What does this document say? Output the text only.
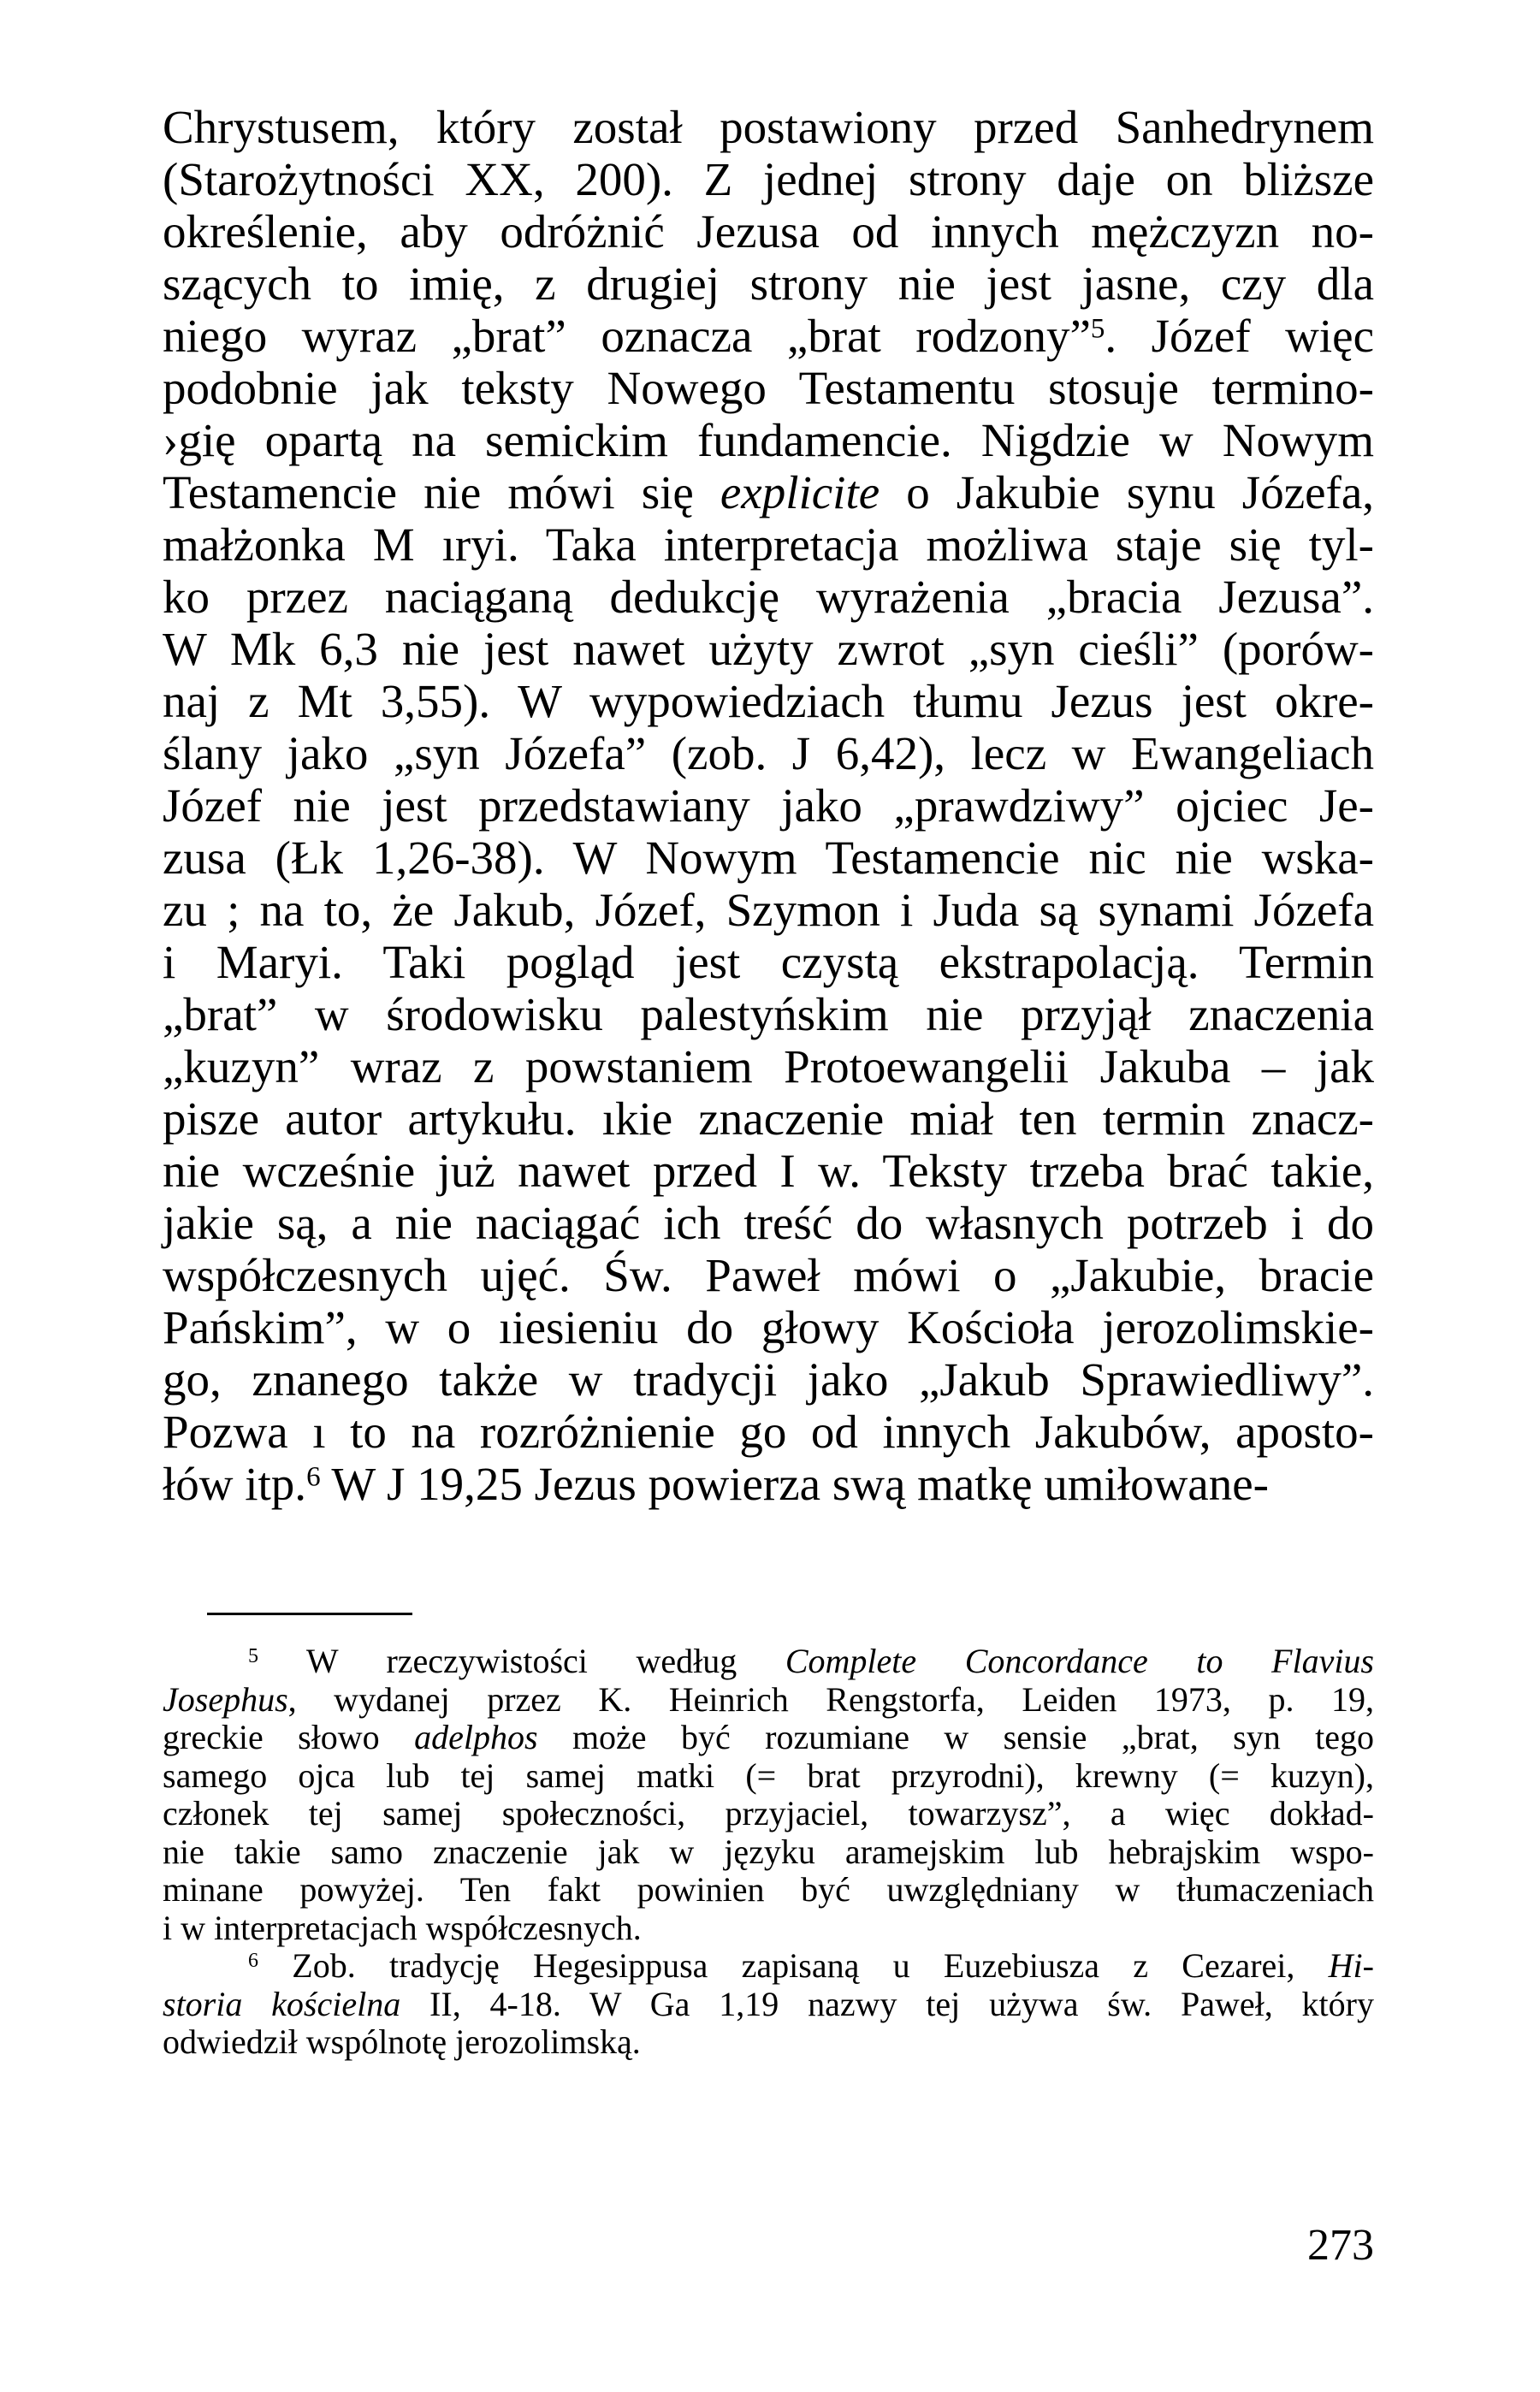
Chrystusem, który został postawiony przed Sanhedrynem
(Starożytności XX, 200). Z jednej strony daje on bliższe
określenie, aby odróżnić Jezusa od innych mężczyzn no-
szących to imię, z drugiej strony nie jest jasne, czy dla
niego wyraz „brat” oznacza „brat rodzony”$^5$. Józef więc
podobnie jak teksty Nowego Testamentu stosuje termino-
›gię opartą na semickim fundamencie. Nigdzie w Nowym
Testamencie nie mówi się explicite o Jakubie synu Józefa,
małżonka M ıryi. Taka interpretacja możliwa staje się tyl-
ko przez naciąganą dedukcję wyrażenia „bracia Jezusa”.
W Mk 6,3 nie jest nawet użyty zwrot „syn cieśli” (porów-
naj z Mt 3,55). W wypowiedziach tłumu Jezus jest okre-
ślany jako „syn Józefa” (zob. J 6,42), lecz w Ewangeliach
Józef nie jest przedstawiany jako „prawdziwy” ojciec Je-
zusa (Łk 1,26-38). W Nowym Testamencie nic nie wska-
zu ; na to, że Jakub, Józef, Szymon i Juda są synami Józefa
i Maryi. Taki pogląd jest czystą ekstrapolacją. Termin
„brat” w środowisku palestyńskim nie przyjął znaczenia
„kuzyn” wraz z powstaniem Protoewangelii Jakuba – jak
pisze autor artykułu. ıkie znaczenie miał ten termin znacz-
nie wcześnie już nawet przed I w. Teksty trzeba brać takie,
jakie są, a nie naciągać ich treść do własnych potrzeb i do
współczesnych ujęć. Św. Paweł mówi o „Jakubie, bracie
Pańskim”, w o ıiesieniu do głowy Kościoła jerozolimskie-
go, znanego także w tradycji jako „Jakub Sprawiedliwy”.
Pozwa ı to na rozróżnienie go od innych Jakubów, aposto-
łów itp.$^6$ W J 19,25 Jezus powierza swą matkę umiłowane-
$^5$ W rzeczywistości według Complete Concordance to Flavius
Josephus, wydanej przez K. Heinrich Rengstorfa, Leiden 1973, p. 19,
greckie słowo adelphos może być rozumiane w sensie „brat, syn tego
samego ojca lub tej samej matki (= brat przyrodni), krewny (= kuzyn),
członek tej samej społeczności, przyjaciel, towarzysz”, a więc dokład-
nie takie samo znaczenie jak w języku aramejskim lub hebrajskim wspo-
minane powyżej. Ten fakt powinien być uwzględniany w tłumaczeniach
i w interpretacjach współczesnych.
$^6$ Zob. tradycję Hegesippusa zapisaną u Euzebiusza z Cezarei, Hi-
storia kościelna II, 4-18. W Ga 1,19 nazwy tej używa św. Paweł, który
odwiedził wspólnotę jerozolimską.
273
